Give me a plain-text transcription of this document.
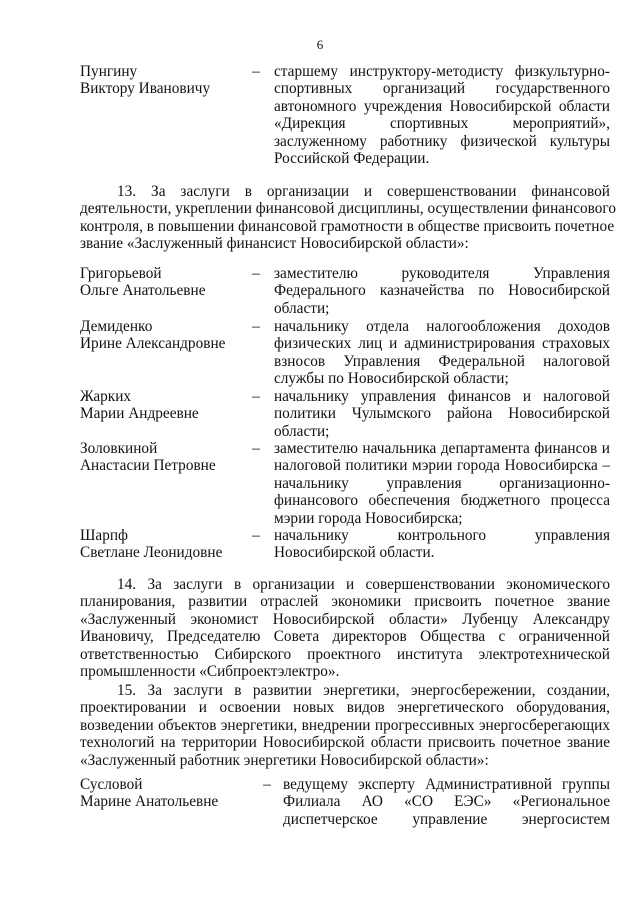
6
Пунгину
Виктору Ивановичу
– старшему инструктору-методисту физкультурно-
спортивных организаций государственного
автономного учреждения Новосибирской области
«Дирекция спортивных мероприятий»,
заслуженному работнику физической культуры
Российской Федерации.
13. За заслуги в организации и совершенствовании финансовой
деятельности, укреплении финансовой дисциплины, осуществлении финансового
контроля, в повышении финансовой грамотности в обществе присвоить почетное
звание «Заслуженный финансист Новосибирской области»:
Григорьевой
Ольге Анатольевне
– заместителю руководителя Управления
Федерального казначейства по Новосибирской
области;
Демиденко
Ирине Александровне
– начальнику отдела налогообложения доходов
физических лиц и администрирования страховых
взносов Управления Федеральной налоговой
службы по Новосибирской области;
Жарких
Марии Андреевне
– начальнику управления финансов и налоговой
политики Чулымского района Новосибирской
области;
Золовкиной
Анастасии Петровне
– заместителю начальника департамента финансов и
налоговой политики мэрии города Новосибирска –
начальнику управления организационно-
финансового обеспечения бюджетного процесса
мэрии города Новосибирска;
Шарпф
Светлане Леонидовне
– начальнику контрольного управления
Новосибирской области.
14. За заслуги в организации и совершенствовании экономического
планирования, развитии отраслей экономики присвоить почетное звание
«Заслуженный экономист Новосибирской области» Лубенцу Александру
Ивановичу, Председателю Совета директоров Общества с ограниченной
ответственностью Сибирского проектного института электротехнической
промышленности «Сибпроектэлектро».
15. За заслуги в развитии энергетики, энергосбережении, создании,
проектировании и освоении новых видов энергетического оборудования,
возведении объектов энергетики, внедрении прогрессивных энергосберегающих
технологий на территории Новосибирской области присвоить почетное звание
«Заслуженный работник энергетики Новосибирской области»:
Сусловой
Марине Анатольевне
– ведущему эксперту Административной группы
Филиала АО «СО ЕЭС» «Региональное
диспетчерское управление энергосистем
